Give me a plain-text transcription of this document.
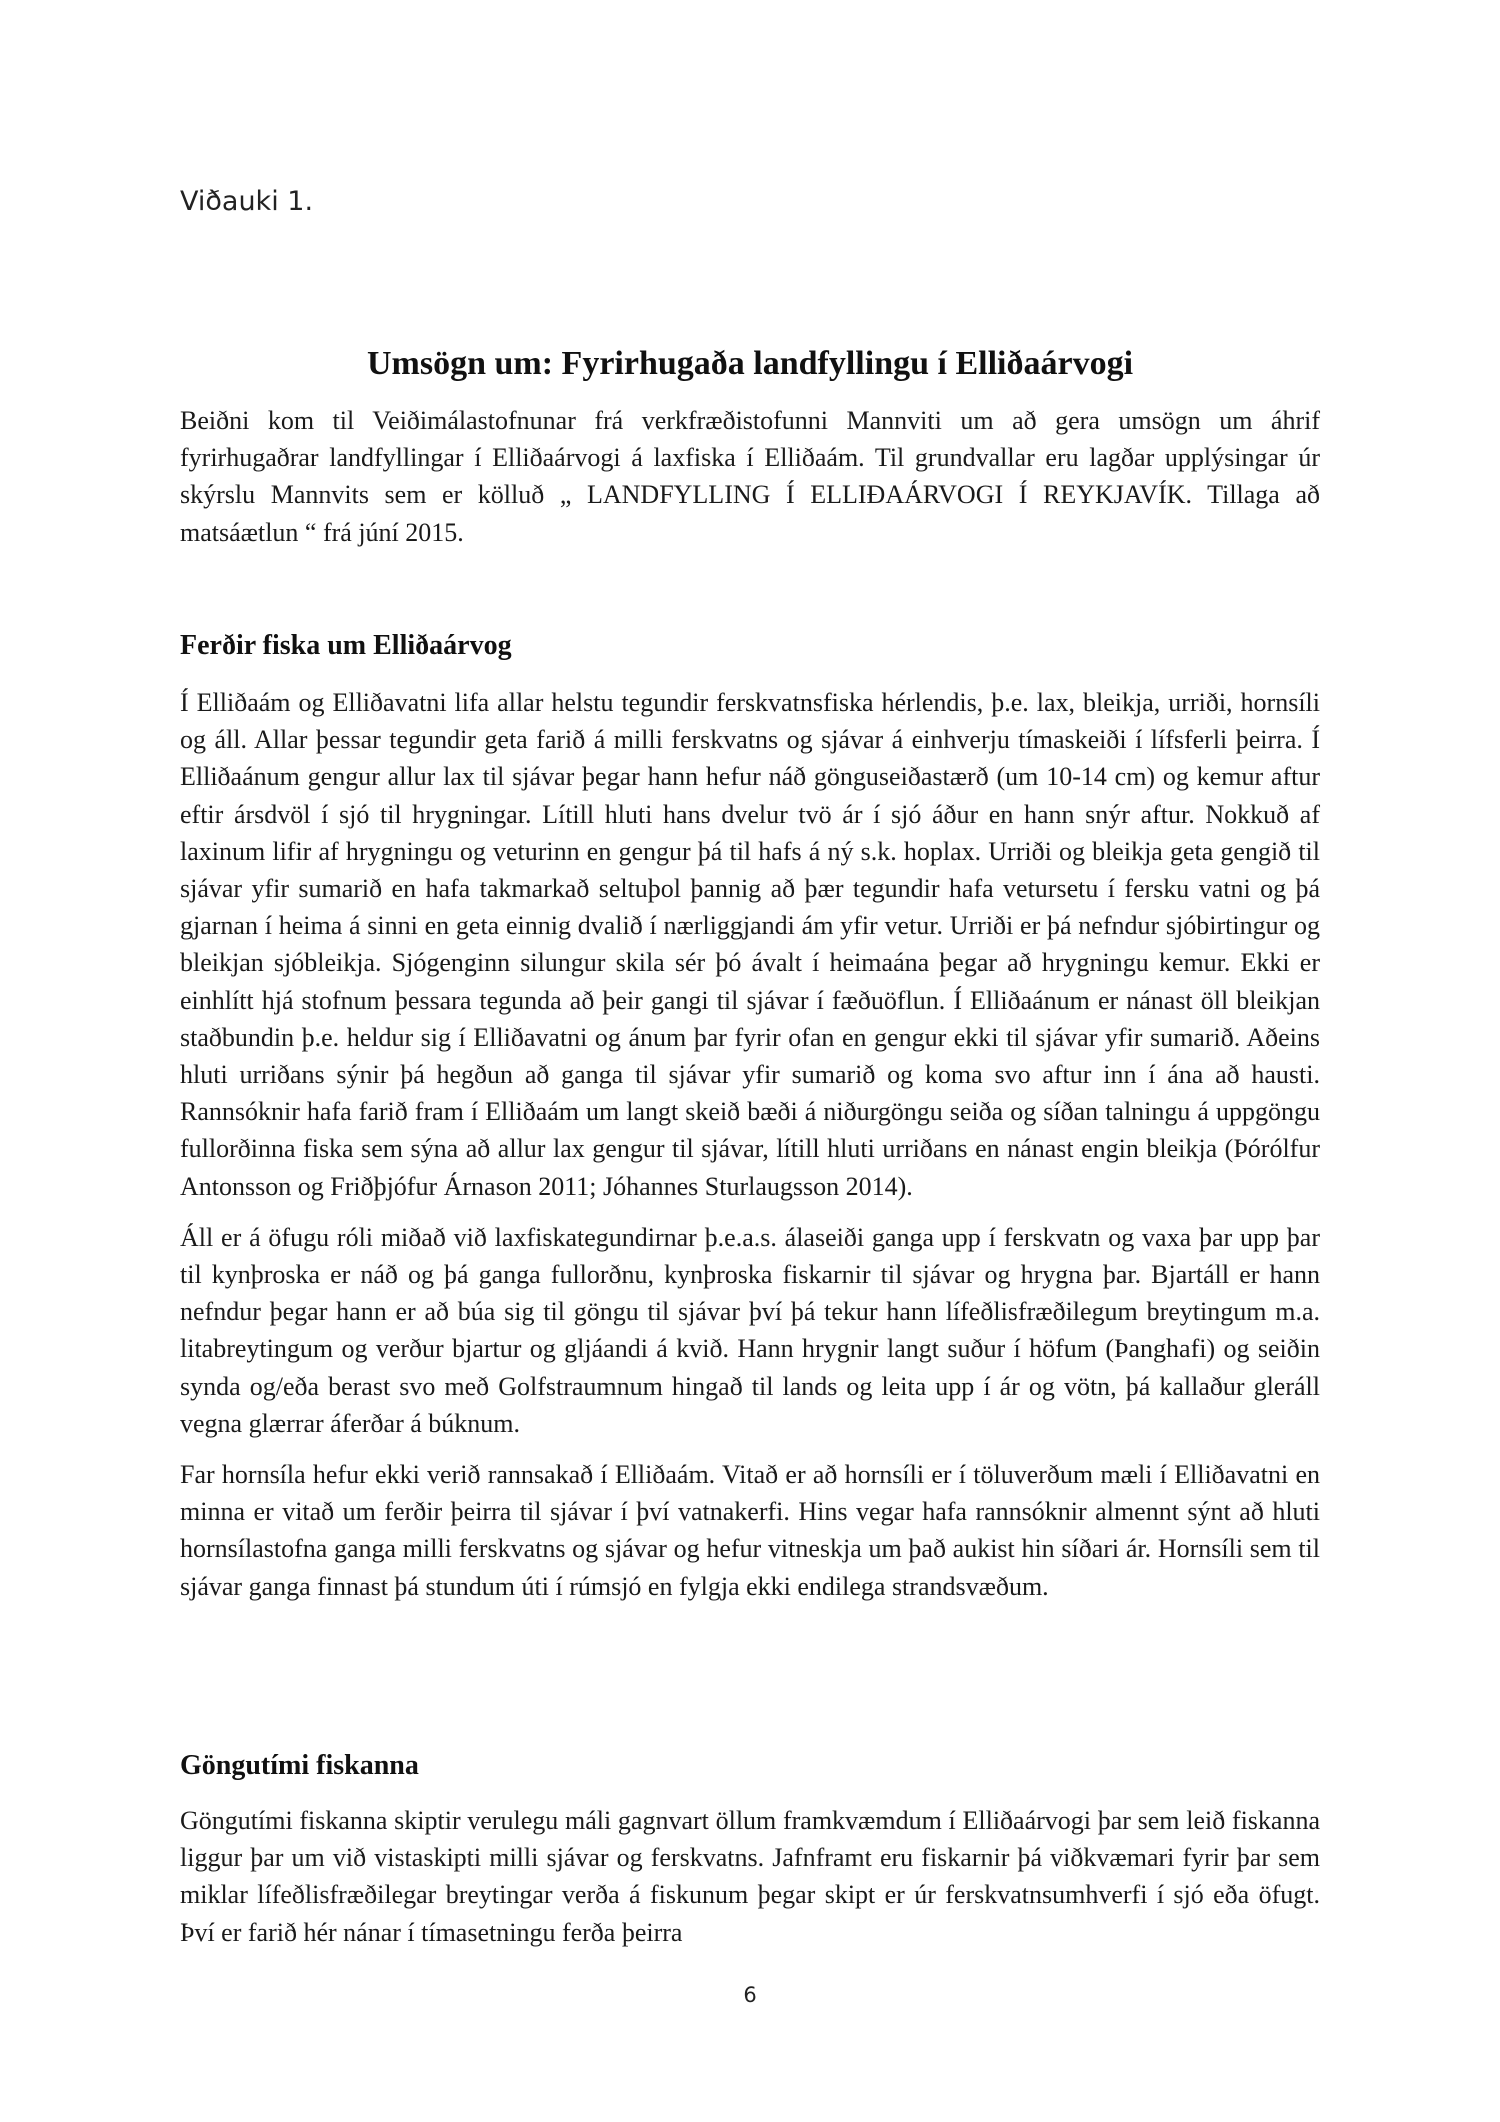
Viðauki 1.

Umsögn um: Fyrirhugaða landfyllingu í Elliðaárvogi

Beiðni kom til Veiðimálastofnunar frá verkfræðistofunni Mannviti um að gera umsögn um áhrif fyrirhugaðrar landfyllingar í Elliðaárvogi á laxfiska í Elliðaám. Til grundvallar eru lagðar upplýsingar úr skýrslu Mannvits sem er kölluð „ LANDFYLLING Í ELLIÐAÁRVOGI Í REYKJAVÍK. Tillaga að matsáætlun “ frá júní 2015.

Ferðir fiska um Elliðaárvog

Í Elliðaám og Elliðavatni lifa allar helstu tegundir ferskvatnsfiska hérlendis, þ.e. lax, bleikja, urriði, hornsíli og áll. Allar þessar tegundir geta farið á milli ferskvatns og sjávar á einhverju tímaskeiði í lífsferli þeirra. Í Elliðaánum gengur allur lax til sjávar þegar hann hefur náð gönguseiðastærð (um 10-14 cm) og kemur aftur eftir ársdvöl í sjó til hrygningar. Lítill hluti hans dvelur tvö ár í sjó áður en hann snýr aftur. Nokkuð af laxinum lifir af hrygningu og veturinn en gengur þá til hafs á ný s.k. hoplax. Urriði og bleikja geta gengið til sjávar yfir sumarið en hafa takmarkað seltuþol þannig að þær tegundir hafa vetursetu í fersku vatni og þá gjarnan í heima á sinni en geta einnig dvalið í nærliggjandi ám yfir vetur. Urriði er þá nefndur sjóbirtingur og bleikjan sjóbleikja. Sjógenginn silungur skila sér þó ávalt í heimaána þegar að hrygningu kemur. Ekki er einhlítt hjá stofnum þessara tegunda að þeir gangi til sjávar í fæðuöflun. Í Elliðaánum er nánast öll bleikjan staðbundin þ.e. heldur sig í Elliðavatni og ánum þar fyrir ofan en gengur ekki til sjávar yfir sumarið. Aðeins hluti urriðans sýnir þá hegðun að ganga til sjávar yfir sumarið og koma svo aftur inn í ána að hausti. Rannsóknir hafa farið fram í Elliðaám um langt skeið bæði á niðurgöngu seiða og síðan talningu á uppgöngu fullorðinna fiska sem sýna að allur lax gengur til sjávar, lítill hluti urriðans en nánast engin bleikja (Þórólfur Antonsson og Friðþjófur Árnason 2011; Jóhannes Sturlaugsson 2014).

Áll er á öfugu róli miðað við laxfiskategundirnar þ.e.a.s. álaseiði ganga upp í ferskvatn og vaxa þar upp þar til kynþroska er náð og þá ganga fullorðnu, kynþroska fiskarnir til sjávar og hrygna þar. Bjartáll er hann nefndur þegar hann er að búa sig til göngu til sjávar því þá tekur hann lífeðlisfræðilegum breytingum m.a. litabreytingum og verður bjartur og gljáandi á kvið. Hann hrygnir langt suður í höfum (Þanghafi) og seiðin synda og/eða berast svo með Golfstraumnum hingað til lands og leita upp í ár og vötn, þá kallaður gleráll vegna glærrar áferðar á búknum.

Far hornsíla hefur ekki verið rannsakað í Elliðaám. Vitað er að hornsíli er í töluverðum mæli í Elliðavatni en minna er vitað um ferðir þeirra til sjávar í því vatnakerfi. Hins vegar hafa rannsóknir almennt sýnt að hluti hornsílastofna ganga milli ferskvatns og sjávar og hefur vitneskja um það aukist hin síðari ár. Hornsíli sem til sjávar ganga finnast þá stundum úti í rúmsjó en fylgja ekki endilega strandsvæðum.

Göngutími fiskanna

Göngutími fiskanna skiptir verulegu máli gagnvart öllum framkvæmdum í Elliðaárvogi þar sem leið fiskanna liggur þar um við vistaskipti milli sjávar og ferskvatns. Jafnframt eru fiskarnir þá viðkvæmari fyrir þar sem miklar lífeðlisfræðilegar breytingar verða á fiskunum þegar skipt er úr ferskvatnsumhverfi í sjó eða öfugt. Því er farið hér nánar í tímasetningu ferða þeirra

6
